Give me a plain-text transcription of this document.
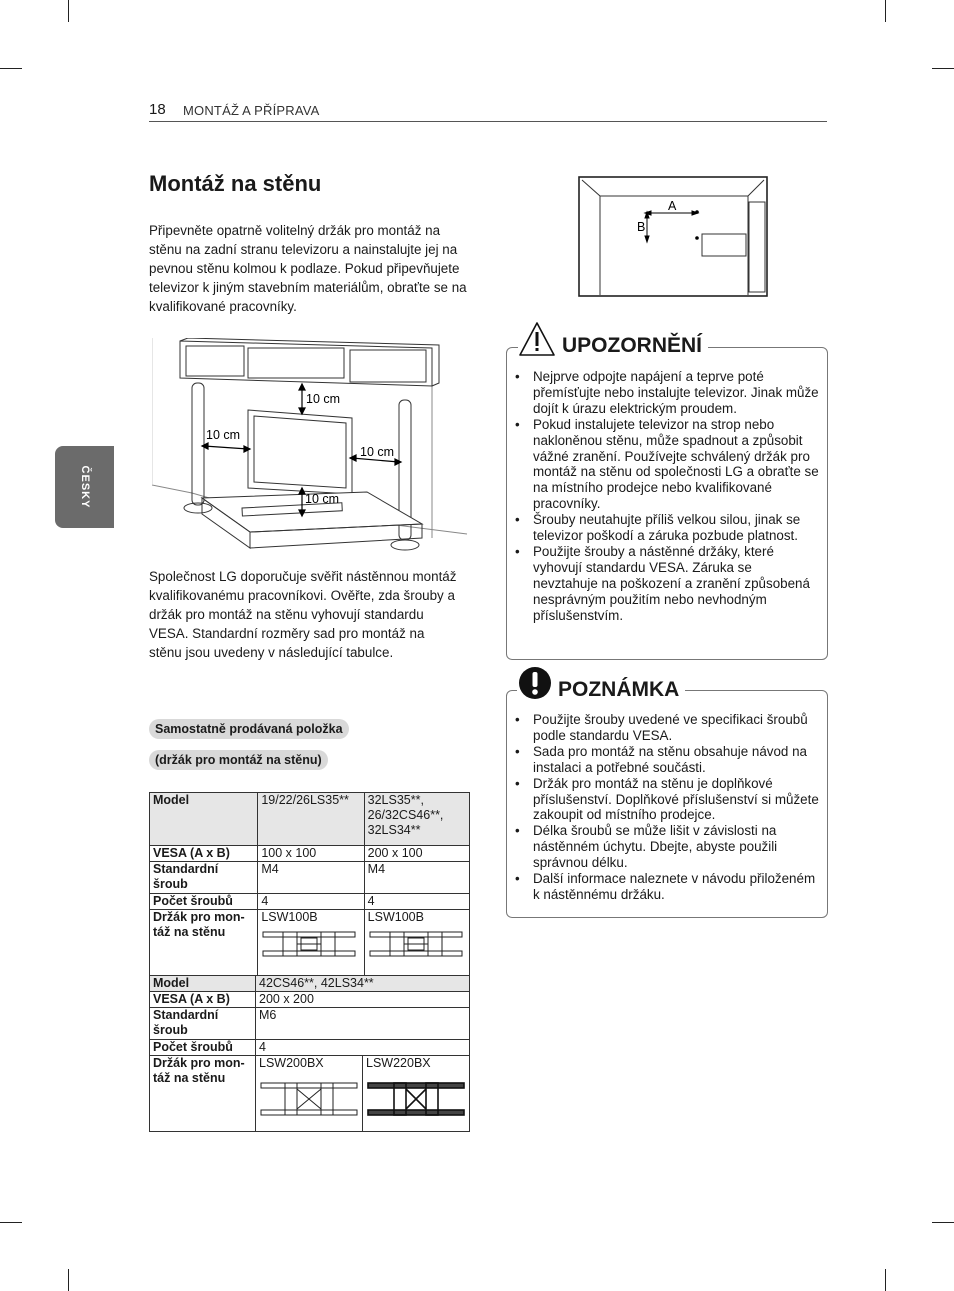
18 MONTÁŽ A PŘÍPRAVA
ČESKY
Montáž na stěnu

Připevněte opatrně volitelný držák pro montáž na stěnu na zadní stranu televizoru a nainstalujte jej na pevnou stěnu kolmou k podlaze. Pokud připevňujete televizor k jiným stavebním materiálům, obraťte se na kvalifikované pracovníky.

10 cm
10 cm
10 cm
10 cm
A
B

Společnost LG doporučuje svěřit nástěnnou montáž kvalifikovanému pracovníkovi. Ověřte, zda šrouby a držák pro montáž na stěnu vyhovují standardu VESA. Standardní rozměry sad pro montáž na stěnu jsou uvedeny v následující tabulce.

Samostatně prodávaná položka
(držák pro montáž na stěnu)
Model	19/22/26LS35**	32LS35**, 26/32CS46**, 32LS34**
VESA (A x B)	100 x 100	200 x 100
Standardní šroub	M4	M4
Počet šroubů	4	4
Držák pro mon-táž na stěnu	LSW100B	LSW100B
Model	42CS46**, 42LS34**	
VESA (A x B)	200 x 200	
Standardní šroub	M6	
Počet šroubů	4	
Držák pro mon-táž na stěnu	LSW200BX	LSW220BX
• Nejprve odpojte napájení a teprve poté přemísťujte nebo instalujte televizor. Jinak může dojít k úrazu elektrickým proudem.
• Pokud instalujete televizor na strop nebo nakloněnou stěnu, může spadnout a způsobit vážné zranění. Používejte schválený držák pro montáž na stěnu od společnosti LG a obraťte se na místního prodejce nebo kvalifikované pracovníky.
• Šrouby neutahujte příliš velkou silou, jinak se televizor poškodí a záruka pozbude platnost.
• Použijte šrouby a nástěnné držáky, které vyhovují standardu VESA. Záruka se nevztahuje na poškození a zranění způsobená nesprávným použitím nebo nevhodným příslušenstvím.
UPOZORNĚNÍ
• Použijte šrouby uvedené ve specifikaci šroubů podle standardu VESA.
• Sada pro montáž na stěnu obsahuje návod na instalaci a potřebné součásti.
• Držák pro montáž na stěnu je doplňkové příslušenství. Doplňkové příslušenství si můžete zakoupit od místního prodejce.
• Délka šroubů se může lišit v závislosti na nástěnném úchytu. Dbejte, abyste použili správnou délku.
• Další informace naleznete v návodu přiloženém k nástěnnému držáku.
POZNÁMKA
